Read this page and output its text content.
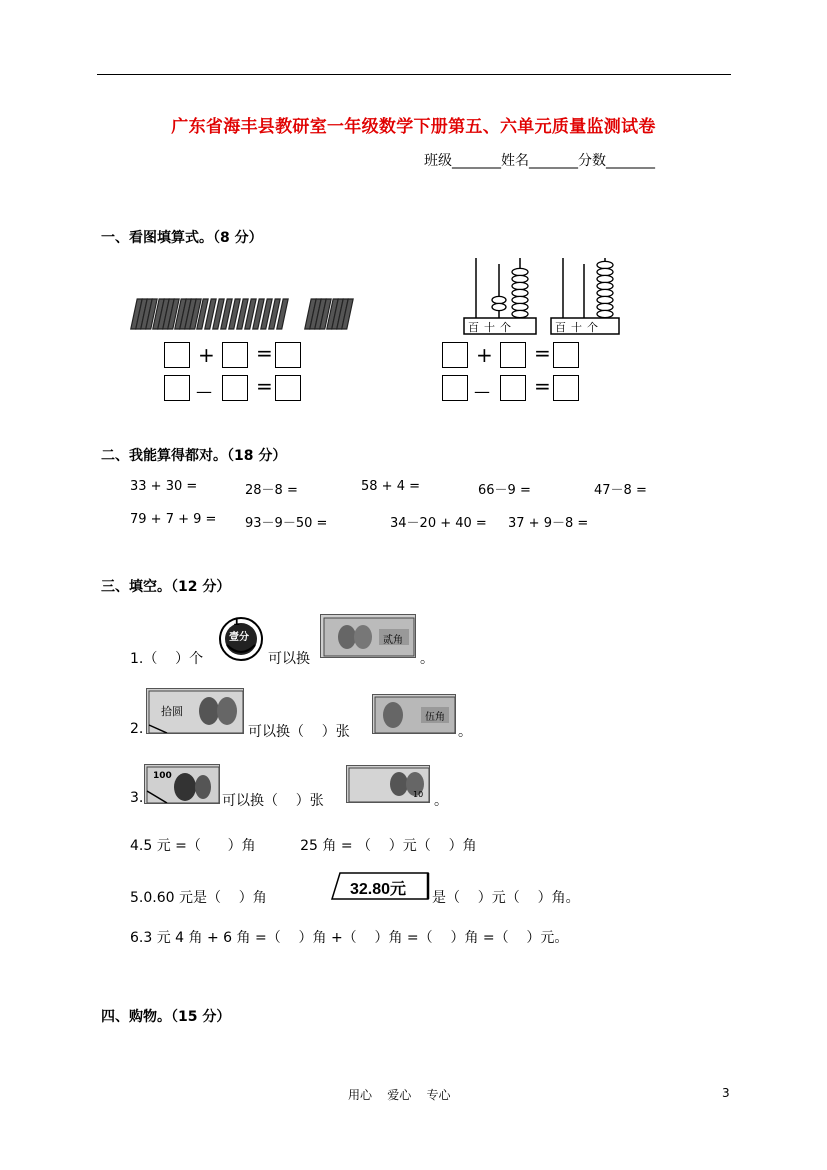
广东省海丰县教研室一年级数学下册第五、六单元质量监测试卷
班级_______姓名_______分数_______
一、看图填算式。（8 分）
百十个	百十个
+ =
— =
+ =
— =
二、我能算得都对。（18 分）
33 + 30 =	28－8 =	58 + 4 =	66－9 =	47－8 =
79 + 7 + 9 = 93－9－50 =	34－20 + 40 = 37 + 9－8 =
三、填空。（12 分）
1.（    ）个
1
壹分
可以换
贰角
。
2.
拾圆
可以换（    ）张
伍角
。
3.
100
可以换（    ）张	10 。
4.5 元 =（      ）角          25 角 = （    ）元（    ）角
5.0.60 元是（    ）角	32.80元 是（    ）元（    ）角。
6.3 元 4 角 + 6 角 =（    ）角 +（    ）角 =（    ）角 =（    ）元。
四、购物。（15 分）
用心    爱心    专心	3
